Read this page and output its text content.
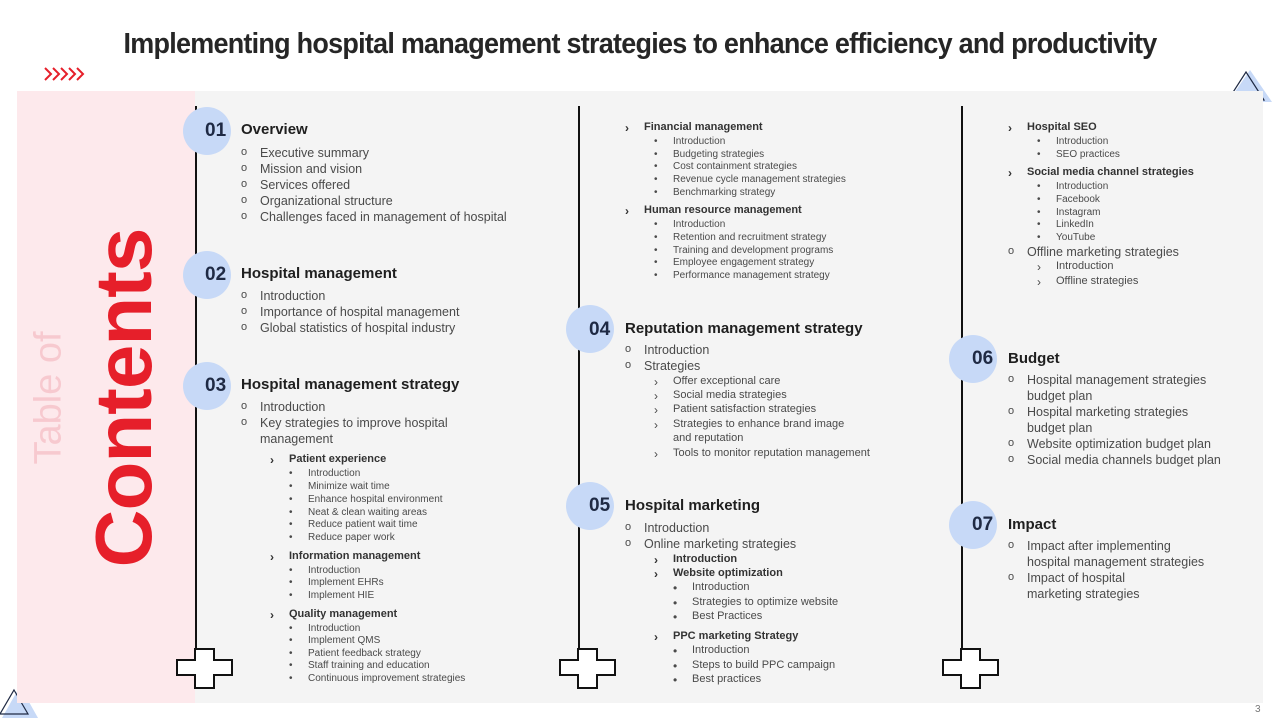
Implementing hospital management strategies to enhance efficiency and productivity
Table of Contents
01 Overview
o Executive summary
o Mission and vision
o Services offered
o Organizational structure
o Challenges faced in management of hospital
02 Hospital management
o Introduction
o Importance of hospital management
o Global statistics of hospital industry
03 Hospital management strategy
o Introduction
o Key strategies to improve hospital
management
› Patient experience
• Introduction
• Minimize wait time
• Enhance hospital environment
• Neat & clean waiting areas
• Reduce patient wait time
• Reduce paper work
› Information management
• Introduction
• Implement EHRs
• Implement HIE
› Quality management
• Introduction
• Implement QMS
• Patient feedback strategy
• Staff training and education
• Continuous improvement strategies
› Financial management
• Introduction
• Budgeting strategies
• Cost containment strategies
• Revenue cycle management strategies
• Benchmarking strategy
› Human resource management
• Introduction
• Retention and recruitment strategy
• Training and development programs
• Employee engagement strategy
• Performance management strategy
04 Reputation management strategy
o Introduction
o Strategies
› Offer exceptional care
› Social media strategies
› Patient satisfaction strategies
› Strategies to enhance brand image
and reputation
› Tools to monitor reputation management
05 Hospital marketing
o Introduction
o Online marketing strategies
› Introduction
› Website optimization
• Introduction
• Strategies to optimize website
• Best Practices
› PPC marketing Strategy
• Introduction
• Steps to build PPC campaign
• Best practices
› Hospital SEO
• Introduction
• SEO practices
› Social media channel strategies
• Introduction
• Facebook
• Instagram
• LinkedIn
• YouTube
o Offline marketing strategies
› Introduction
› Offline strategies
06 Budget
o Hospital management strategies
budget plan
o Hospital marketing strategies
budget plan
o Website optimization budget plan
o Social media channels budget plan
07 Impact
o Impact after implementing
hospital management strategies
o Impact of hospital
marketing strategies
3
